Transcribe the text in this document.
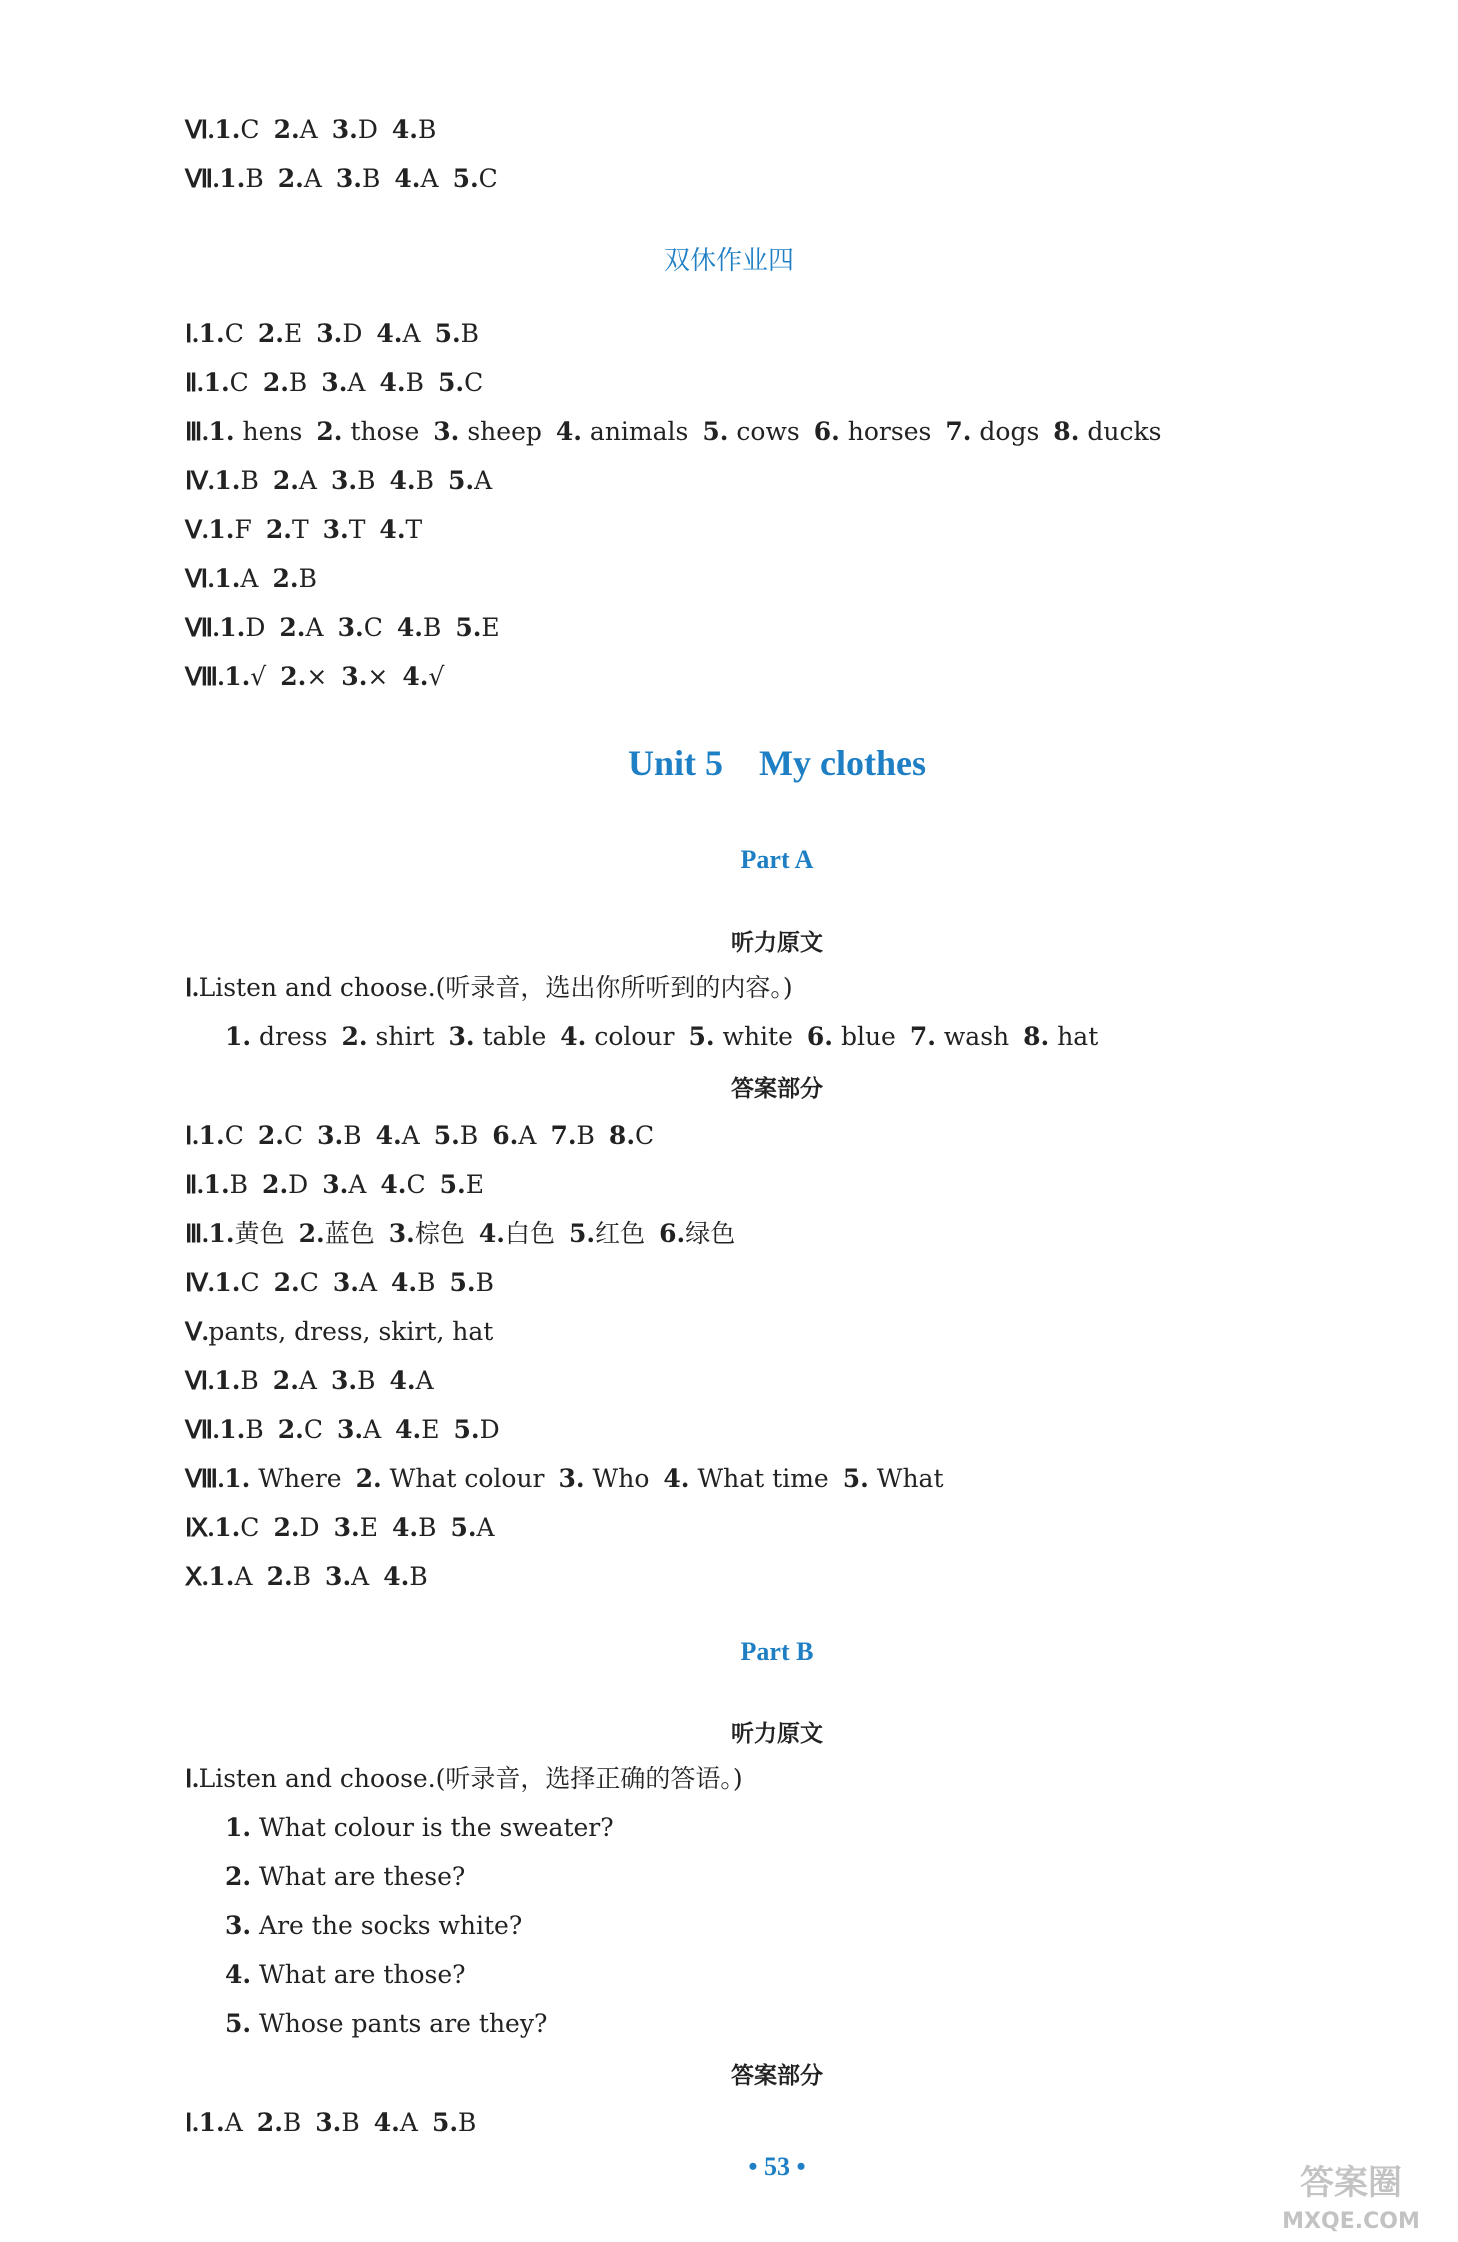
Ⅵ.1.C 2.A 3.D 4.B
Ⅶ.1.B 2.A 3.B 4.A 5.C
双休作业四
Ⅰ.1.C 2.E 3.D 4.A 5.B
Ⅱ.1.C 2.B 3.A 4.B 5.C
Ⅲ.1. hens 2. those 3. sheep 4. animals 5. cows 6. horses 7. dogs 8. ducks
Ⅳ.1.B 2.A 3.B 4.B 5.A
Ⅴ.1.F 2.T 3.T 4.T
Ⅵ.1.A 2.B
Ⅶ.1.D 2.A 3.C 4.B 5.E
Ⅷ.1.√ 2.× 3.× 4.√
Unit 5　My clothes
Part A
听力原文
Ⅰ.Listen and choose.(听录音，选出你所听到的内容。)
1. dress 2. shirt 3. table 4. colour 5. white 6. blue 7. wash 8. hat
答案部分
Ⅰ.1.C 2.C 3.B 4.A 5.B 6.A 7.B 8.C
Ⅱ.1.B 2.D 3.A 4.C 5.E
Ⅲ.1.黄色 2.蓝色 3.棕色 4.白色 5.红色 6.绿色
Ⅳ.1.C 2.C 3.A 4.B 5.B
Ⅴ.pants, dress, skirt, hat
Ⅵ.1.B 2.A 3.B 4.A
Ⅶ.1.B 2.C 3.A 4.E 5.D
Ⅷ.1. Where 2. What colour 3. Who 4. What time 5. What
Ⅸ.1.C 2.D 3.E 4.B 5.A
Ⅹ.1.A 2.B 3.A 4.B
Part B
听力原文
Ⅰ.Listen and choose.(听录音，选择正确的答语。)
1. What colour is the sweater?
2. What are these?
3. Are the socks white?
4. What are those?
5. Whose pants are they?
答案部分
Ⅰ.1.A 2.B 3.B 4.A 5.B
• 53 •	答案圈
MXQE.COM
